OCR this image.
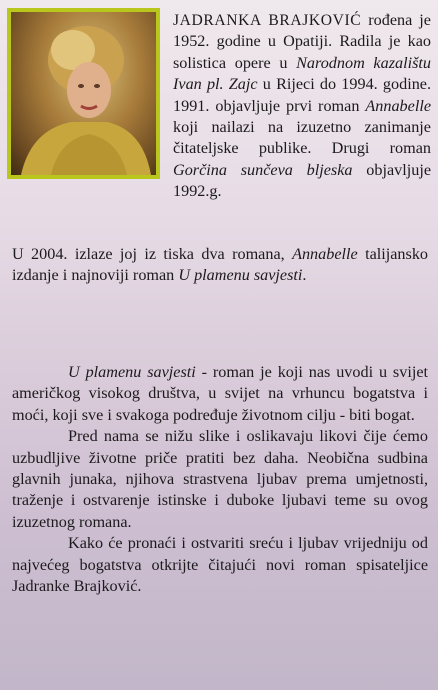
JADRANKA BRAJKOVIĆ rođena je 1952. godine u Opatiji. Radila je kao solistica opere u Narodnom kazalištu Ivan pl. Zajc u Rijeci do 1994. godine. 1991. objavljuje prvi roman Annabelle koji nailazi na izuzetno zanimanje čitateljske publike. Drugi roman Gorčina sunčeva bljeska objavljuje 1992.g.

U 2004. izlaze joj iz tiska dva romana, Annabelle talijansko izdanje i najnoviji roman U plamenu savjesti.

U plamenu savjesti - roman je koji nas uvodi u svijet američkog visokog društva, u svijet na vrhuncu bogatstva i moći, koji sve i svakoga podređuje životnom cilju - biti bogat.

Pred nama se nižu slike i oslikavaju likovi čije ćemo uzbudljive životne priče pratiti bez daha. Neobična sudbina glavnih junaka, njihova strastvena ljubav prema umjetnosti, traženje i ostvarenje istinske i duboke ljubavi teme su ovog izuzetnog romana.

Kako će pronaći i ostvariti sreću i ljubav vrijedniju od najvećeg bogatstva otkrijte čitajući novi roman spisateljice Jadranke Brajković.
